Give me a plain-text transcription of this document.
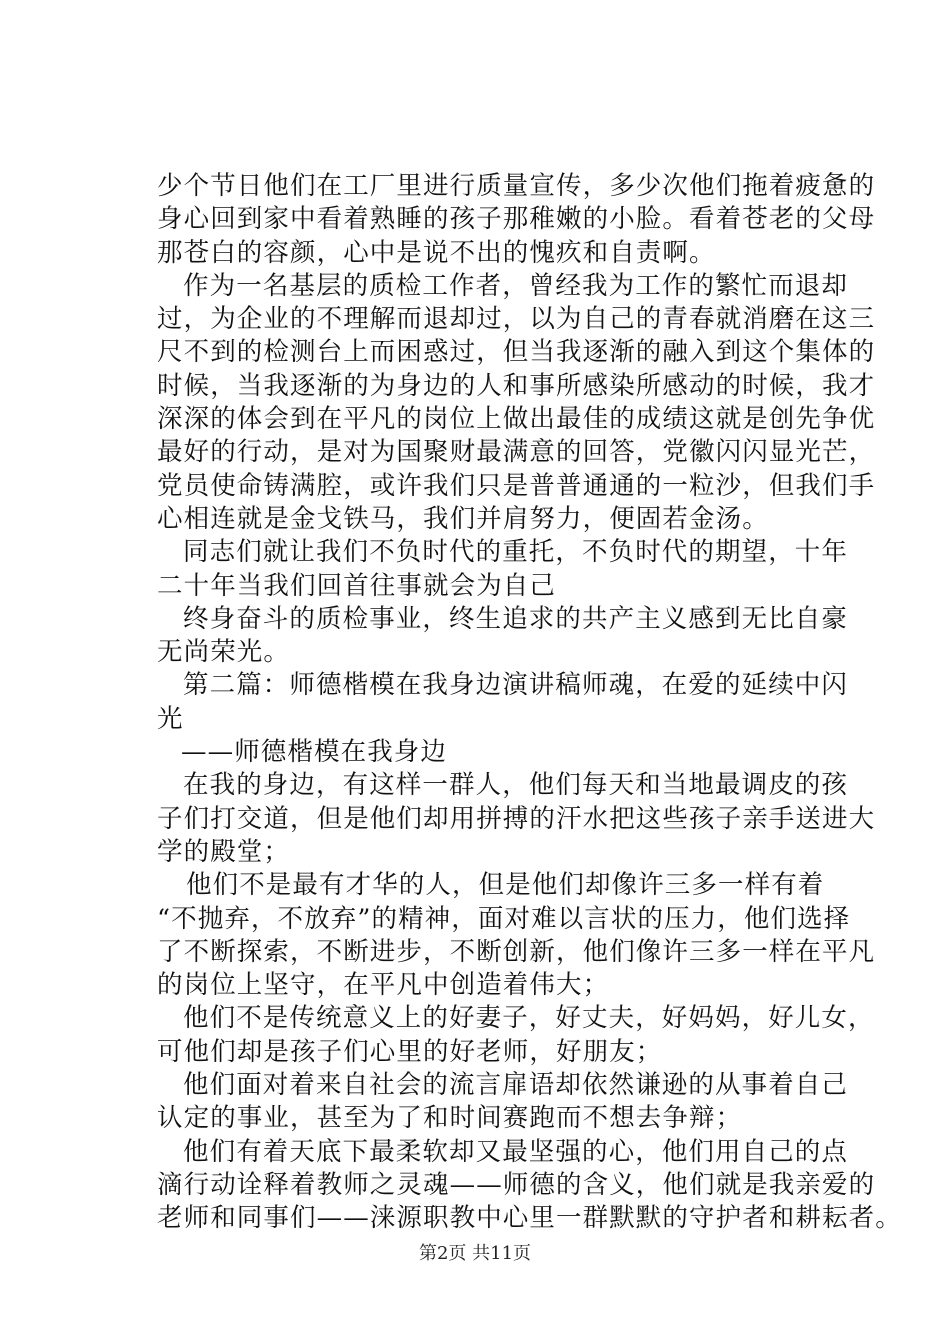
少个节日他们在工厂里进行质量宣传，多少次他们拖着疲惫的
身心回到家中看着熟睡的孩子那稚嫩的小脸。看着苍老的父母
那苍白的容颜，心中是说不出的愧疚和自责啊。
作为一名基层的质检工作者，曾经我为工作的繁忙而退却
过，为企业的不理解而退却过，以为自己的青春就消磨在这三
尺不到的检测台上而困惑过，但当我逐渐的融入到这个集体的
时候，当我逐渐的为身边的人和事所感染所感动的时候，我才
深深的体会到在平凡的岗位上做出最佳的成绩这就是创先争优
最好的行动，是对为国聚财最满意的回答，党徽闪闪显光芒，
党员使命铸满腔，或许我们只是普普通通的一粒沙，但我们手
心相连就是金戈铁马，我们并肩努力，便固若金汤。
同志们就让我们不负时代的重托，不负时代的期望，十年
二十年当我们回首往事就会为自己
终身奋斗的质检事业，终生追求的共产主义感到无比自豪
无尚荣光。
第二篇：师德楷模在我身边演讲稿师魂，在爱的延续中闪
光
——师德楷模在我身边
在我的身边，有这样一群人，他们每天和当地最调皮的孩
子们打交道，但是他们却用拼搏的汗水把这些孩子亲手送进大
学的殿堂；
他们不是最有才华的人，但是他们却像许三多一样有着
“不抛弃，不放弃”的精神，面对难以言状的压力，他们选择
了不断探索，不断进步，不断创新，他们像许三多一样在平凡
的岗位上坚守，在平凡中创造着伟大；
他们不是传统意义上的好妻子，好丈夫，好妈妈，好儿女，
可他们却是孩子们心里的好老师，好朋友；
他们面对着来自社会的流言扉语却依然谦逊的从事着自己
认定的事业，甚至为了和时间赛跑而不想去争辩；
他们有着天底下最柔软却又最坚强的心，他们用自己的点
滴行动诠释着教师之灵魂——师德的含义，他们就是我亲爱的
老师和同事们——涞源职教中心里一群默默的守护者和耕耘者。
第2页 共11页
